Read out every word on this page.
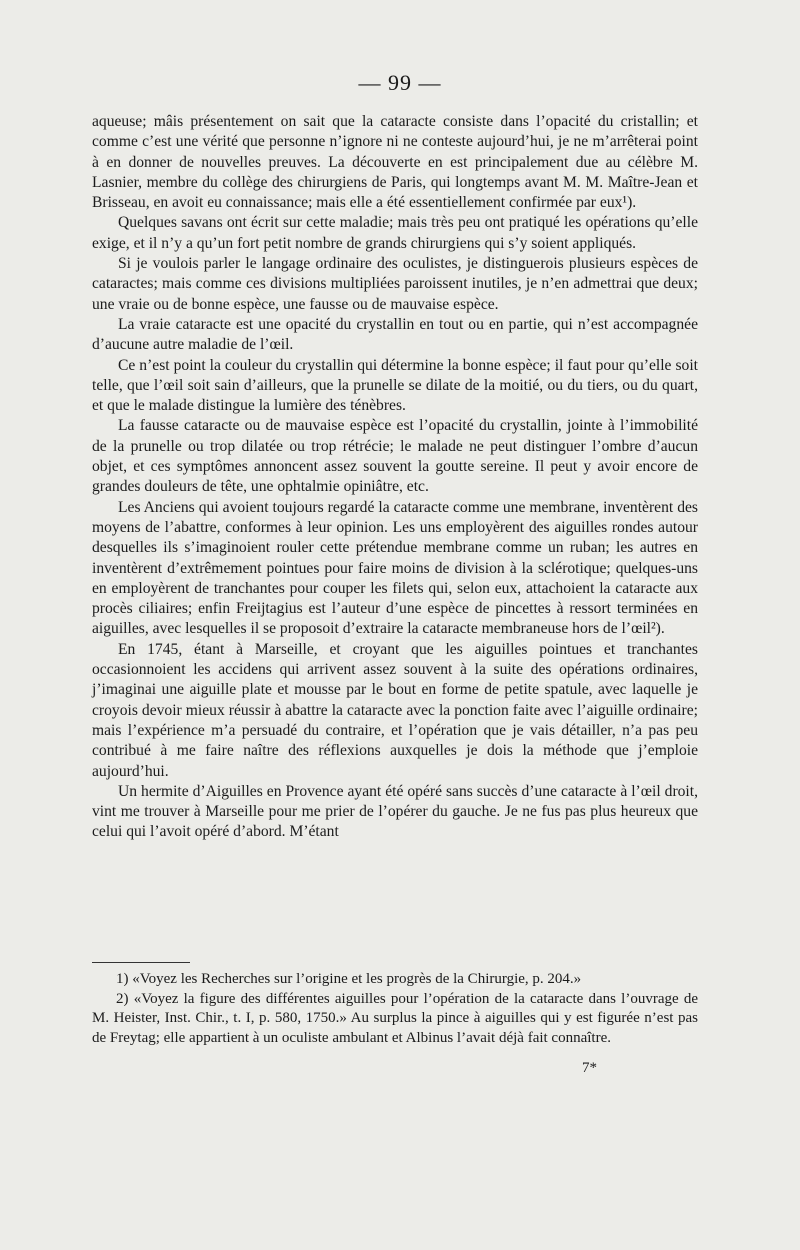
— 99 —

aqueuse; mâis présentement on sait que la cataracte consiste dans l’opacité du cristallin; et comme c’est une vérité que personne n’ignore ni ne conteste aujourd’hui, je ne m’arrêterai point à en donner de nouvelles preuves. La découverte en est principalement due au célèbre M. Lasnier, membre du collège des chirurgiens de Paris, qui longtemps avant M. M. Maître-Jean et Brisseau, en avoit eu connaissance; mais elle a été essentiellement confirmée par eux¹).

Quelques savans ont écrit sur cette maladie; mais très peu ont pratiqué les opérations qu’elle exige, et il n’y a qu’un fort petit nombre de grands chirurgiens qui s’y soient appliqués.

Si je voulois parler le langage ordinaire des oculistes, je distinguerois plusieurs espèces de cataractes; mais comme ces divisions multipliées paroissent inutiles, je n’en admettrai que deux; une vraie ou de bonne espèce, une fausse ou de mauvaise espèce.

La vraie cataracte est une opacité du crystallin en tout ou en partie, qui n’est accompagnée d’aucune autre maladie de l’œil.

Ce n’est point la couleur du crystallin qui détermine la bonne espèce; il faut pour qu’elle soit telle, que l’œil soit sain d’ailleurs, que la prunelle se dilate de la moitié, ou du tiers, ou du quart, et que le malade distingue la lumière des ténèbres.

La fausse cataracte ou de mauvaise espèce est l’opacité du crystallin, jointe à l’immobilité de la prunelle ou trop dilatée ou trop rétrécie; le malade ne peut distinguer l’ombre d’aucun objet, et ces symptômes annoncent assez souvent la goutte sereine. Il peut y avoir encore de grandes douleurs de tête, une ophtalmie opiniâtre, etc.

Les Anciens qui avoient toujours regardé la cataracte comme une membrane, inventèrent des moyens de l’abattre, conformes à leur opinion. Les uns employèrent des aiguilles rondes autour desquelles ils s’imaginoient rouler cette prétendue membrane comme un ruban; les autres en inventèrent d’extrêmement pointues pour faire moins de division à la sclérotique; quelques-uns en employèrent de tranchantes pour couper les filets qui, selon eux, attachoient la cataracte aux procès ciliaires; enfin Freijtagius est l’auteur d’une espèce de pincettes à ressort terminées en aiguilles, avec lesquelles il se proposoit d’extraire la cataracte membraneuse hors de l’œil²).

En 1745, étant à Marseille, et croyant que les aiguilles pointues et tranchantes occasionnoient les accidens qui arrivent assez souvent à la suite des opérations ordinaires, j’imaginai une aiguille plate et mousse par le bout en forme de petite spatule, avec laquelle je croyois devoir mieux réussir à abattre la cataracte avec la ponction faite avec l’aiguille ordinaire; mais l’expérience m’a persuadé du contraire, et l’opération que je vais détailler, n’a pas peu contribué à me faire naître des réflexions auxquelles je dois la méthode que j’emploie aujourd’hui.

Un hermite d’Aiguilles en Provence ayant été opéré sans succès d’une cataracte à l’œil droit, vint me trouver à Marseille pour me prier de l’opérer du gauche. Je ne fus pas plus heureux que celui qui l’avoit opéré d’abord. M’étant

1) «Voyez les Recherches sur l’origine et les progrès de la Chirurgie, p. 204.»

2) «Voyez la figure des différentes aiguilles pour l’opération de la cataracte dans l’ouvrage de M. Heister, Inst. Chir., t. I, p. 580, 1750.» Au surplus la pince à aiguilles qui y est figurée n’est pas de Freytag; elle appartient à un oculiste ambulant et Albinus l’avait déjà fait connaître.

7*
